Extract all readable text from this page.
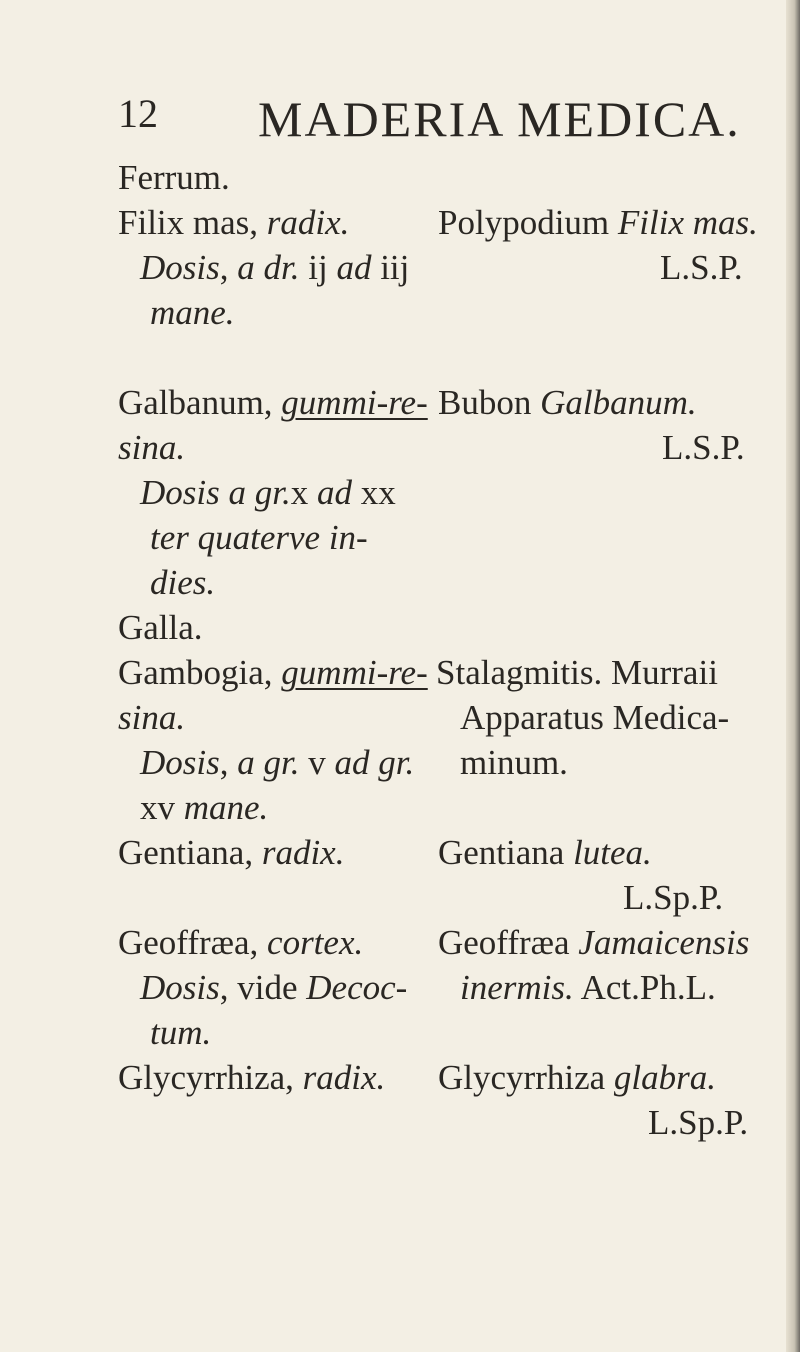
12 MADERIA MEDICA.
Ferrum.
Filix mas, radix.
Dosis, a dr. ij ad iij
mane.
Polypodium Filix mas.
L.S.P.
Galbanum, gummi-re-
sina.
Dosis a gr.x ad xx
ter quaterve in-
dies.
Bubon Galbanum.
L.S.P.
Galla.
Gambogia, gummi-re-
sina.
Dosis, a gr. v ad gr.
xv mane.
Stalagmitis. Murraii
Apparatus Medica-
minum.
Gentiana, radix.	Gentiana lutea.
L.Sp.P.
Geoffræa, cortex.
Dosis, vide Decoc-
tum.
Geoffræa Jamaicensis
inermis. Act.Ph.L.
Glycyrrhiza, radix. Glycyrrhiza glabra.
L.Sp.P.
